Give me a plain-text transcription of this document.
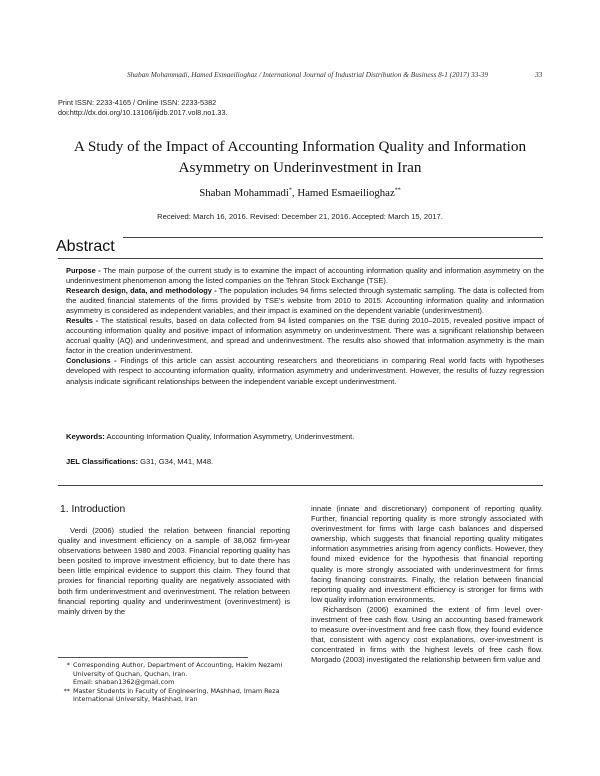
Shaban Mohammadi, Hamed Esmaeilioghaz / International Journal of Industrial Distribution & Business 8-1 (2017) 33-39	33
Print ISSN: 2233-4165 / Online ISSN: 2233-5382
doi:http://dx.doi.org/10.13106/ijidb.2017.vol8.no1.33.
A Study of the Impact of Accounting Information Quality and Information
Asymmetry on Underinvestment in Iran
Shaban Mohammadi*, Hamed Esmaeilioghaz**
Received: March 16, 2016. Revised: December 21, 2016. Accepted: March 15, 2017.
Abstract

Purpose - The main purpose of the current study is to examine the impact of accounting information quality and information asymmetry on the underinvestment phenomenon among the listed companies on the Tehran Stock Exchange (TSE).

Research design, data, and methodology - The population includes 94 firms selected through systematic sampling. The data is collected from the audited financial statements of the firms provided by TSE's website from 2010 to 2015. Accounting information quality and information asymmetry is considered as independent variables, and their impact is examined on the dependent variable (underinvestment).

Results - The statistical results, based on data collected from 94 listed companies on the TSE during 2010–2015, revealed positive impact of accounting information quality and positive impact of information asymmetry on underinvestment. There was a significant relationship between accrual quality (AQ) and underinvestment, and spread and underinvestment. The results also showed that information asymmetry is the main factor in the creation underinvestment.

Conclusions - Findings of this article can assist accounting researchers and theoreticians in comparing Real world facts with hypotheses developed with respect to accounting information quality, information asymmetry and underinvestment. However, the results of fuzzy regression analysis indicate significant relationships between the independent variable except underinvestment.

Keywords: Accounting Information Quality, Information Asymmetry, Underinvestment.
JEL Classifications: G31, G34, M41, M48.
1. Introduction

Verdi (2006) studied the relation between financial reporting quality and investment efficiency on a sample of 38,062 firm-year observations between 1980 and 2003. Financial reporting quality has been posited to improve investment efficiency, but to date there has been little empirical evidence to support this claim. They found that proxies for financial reporting quality are negatively associated with both firm underinvestment and overinvestment. The relation between financial reporting quality and underinvestment (overinvestment) is mainly driven by the

innate (innate and discretionary) component of reporting quality. Further, financial reporting quality is more strongly associated with overinvestment for firms with large cash balances and dispersed ownership, which suggests that financial reporting quality mitigates information asymmetries arising from agency conflicts. However, they found mixed evidence for the hypothesis that financial reporting quality is more strongly associated with underinvestment for firms facing financing constraints. Finally, the relation between financial reporting quality and investment efficiency is stronger for firms with low quality information environments.

Richardson (2006) examined the extent of firm level over-investment of free cash flow. Using an accounting based framework to measure over-investment and free cash flow, they found evidence that, consistent with agency cost explanations, over-investment is concentrated in firms with the highest levels of free cash flow. Morgado (2003) investigated the relationship between firm value and

* Corresponding Author, Department of Accounting, Hakim Nezami
University of Quchan, Quchan, Iran.
Email: shaban1362@gmail.com
** Master Students in Faculty of Engineering, MAshhad, Imam Reza
International University, Mashhad, Iran
